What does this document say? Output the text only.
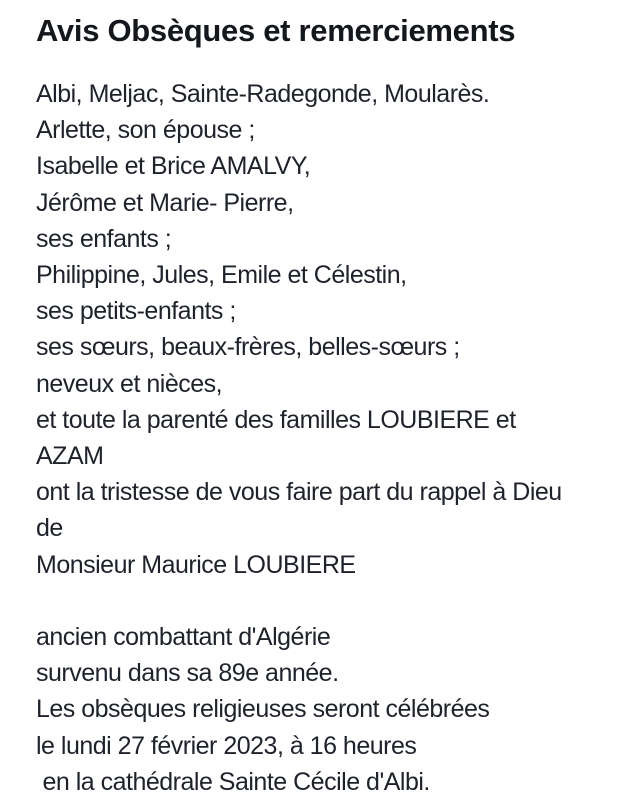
Avis Obsèques et remerciements
Albi, Meljac, Sainte-Radegonde, Moularès.
Arlette, son épouse ;
Isabelle et Brice AMALVY,
Jérôme et Marie- Pierre,
ses enfants ;
Philippine, Jules, Emile et Célestin,
ses petits-enfants ;
ses sœurs, beaux-frères, belles-sœurs ;
neveux et nièces,
et toute la parenté des familles LOUBIERE et
AZAM
ont la tristesse de vous faire part du rappel à Dieu
de
Monsieur Maurice LOUBIERE
ancien combattant d'Algérie
survenu dans sa 89e année.
Les obsèques religieuses seront célébrées
le lundi 27 février 2023, à 16 heures
en la cathédrale Sainte Cécile d'Albi.
